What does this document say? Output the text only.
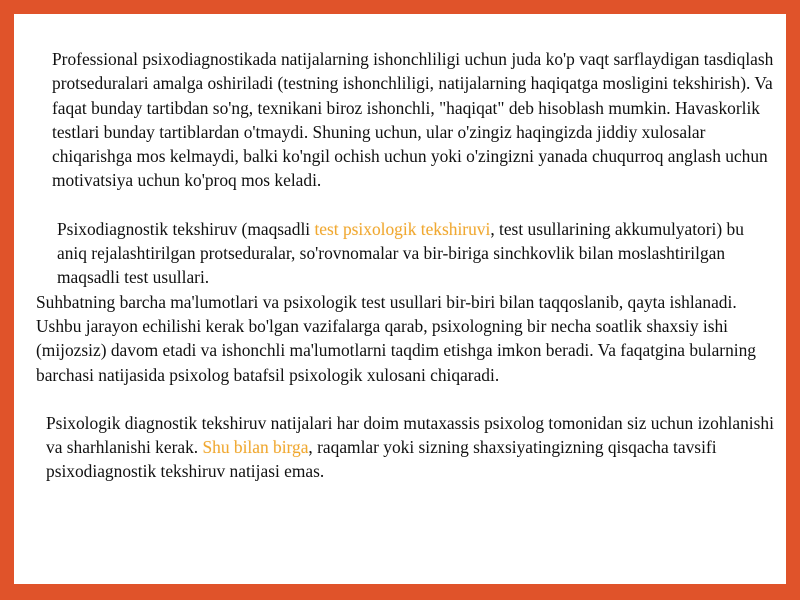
Professional psixodiagnostikada natijalarning ishonchliligi uchun juda ko'p vaqt sarflaydigan tasdiqlash protseduralari amalga oshiriladi (testning ishonchliligi, natijalarning haqiqatga mosligini tekshirish). Va faqat bunday tartibdan so'ng, texnikani biroz ishonchli, "haqiqat" deb hisoblash mumkin. Havaskorlik testlari bunday tartiblardan o'tmaydi. Shuning uchun, ular o'zingiz haqingizda jiddiy xulosalar chiqarishga mos kelmaydi, balki ko'ngil ochish uchun yoki o'zingizni yanada chuqurroq anglash uchun motivatsiya uchun ko'proq mos keladi.

Psixodiagnostik tekshiruv (maqsadli test psixologik tekshiruvi, test usullarining akkumulyatori) bu aniq rejalashtirilgan protseduralar, so'rovnomalar va bir-biriga sinchkovlik bilan moslashtirilgan maqsadli test usullari.

Suhbatning barcha ma'lumotlari va psixologik test usullari bir-biri bilan taqqoslanib, qayta ishlanadi. Ushbu jarayon echilishi kerak bo'lgan vazifalarga qarab, psixologning bir necha soatlik shaxsiy ishi (mijozsiz) davom etadi va ishonchli ma'lumotlarni taqdim etishga imkon beradi. Va faqatgina bularning barchasi natijasida psixolog batafsil psixologik xulosani chiqaradi.

Psixologik diagnostik tekshiruv natijalari har doim mutaxassis psixolog tomonidan siz uchun izohlanishi va sharhlanishi kerak. Shu bilan birga, raqamlar yoki sizning shaxsiyatingizning qisqacha tavsifi psixodiagnostik tekshiruv natijasi emas.
